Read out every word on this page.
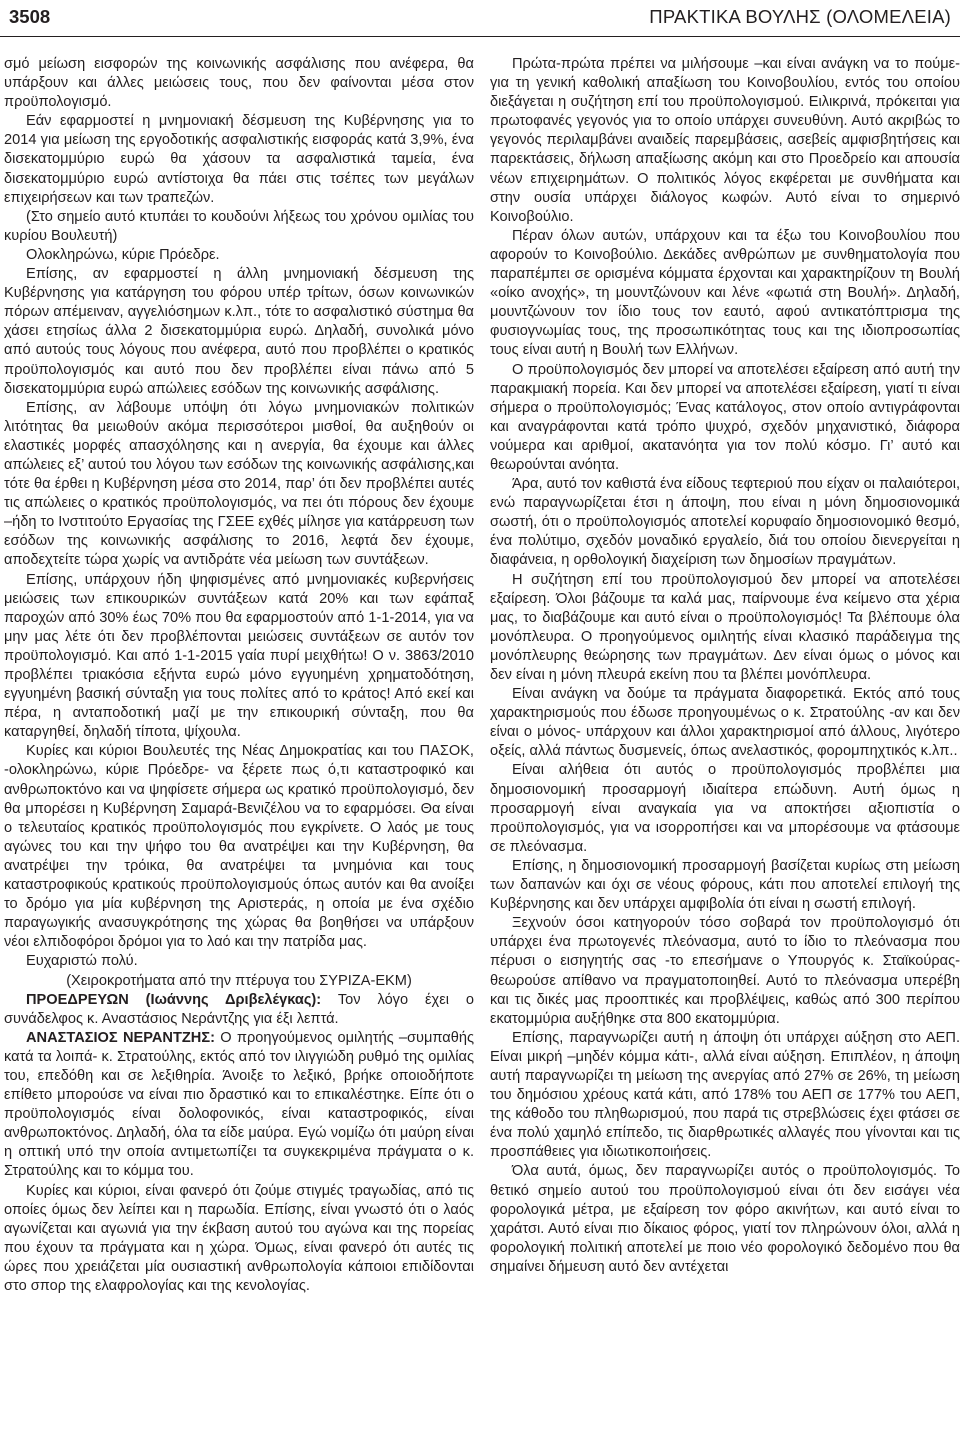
3508	ΠΡΑΚΤΙΚΑ ΒΟΥΛΗΣ (ΟΛΟΜΕΛΕΙΑ)

σμό μείωση εισφορών της κοινωνικής ασφάλισης που ανέφερα, θα υπάρξουν και άλλες μειώσεις τους, που δεν φαίνονται μέσα στον προϋπολογισμό.

Εάν εφαρμοστεί η μνημονιακή δέσμευση της Κυβέρνησης για το 2014 για μείωση της εργοδοτικής ασφαλιστικής εισφοράς κατά 3,9%, ένα δισεκατομμύριο ευρώ θα χάσουν τα ασφαλιστικά ταμεία, ένα δισεκατομμύριο ευρώ αντίστοιχα θα πάει στις τσέπες των μεγάλων επιχειρήσεων και των τραπεζών.

(Στο σημείο αυτό κτυπάει το κουδούνι λήξεως του χρόνου ομιλίας του κυρίου Βουλευτή)

Ολοκληρώνω, κύριε Πρόεδρε.

Επίσης, αν εφαρμοστεί η άλλη μνημονιακή δέσμευση της Κυβέρνησης για κατάργηση του φόρου υπέρ τρίτων, όσων κοινωνικών πόρων απέμειναν, αγγελιόσημων κ.λπ., τότε το ασφαλιστικό σύστημα θα χάσει ετησίως άλλα 2 δισεκατομμύρια ευρώ. Δηλαδή, συνολικά μόνο από αυτούς τους λόγους που ανέφερα, αυτό που προβλέπει ο κρατικός προϋπολογισμός και αυτό που δεν προβλέπει είναι πάνω από 5 δισεκατομμύρια ευρώ απώλειες εσόδων της κοινωνικής ασφάλισης.

Επίσης, αν λάβουμε υπόψη ότι λόγω μνημονιακών πολιτικών λιτότητας θα μειωθούν ακόμα περισσότεροι μισθοί, θα αυξηθούν οι ελαστικές μορφές απασχόλησης και η ανεργία, θα έχουμε και άλλες απώλειες εξ’ αυτού του λόγου των εσόδων της κοινωνικής ασφάλισης,και τότε θα έρθει η Κυβέρνηση μέσα στο 2014, παρ’ ότι δεν προβλέπει αυτές τις απώλειες ο κρατικός προϋπολογισμός, να πει ότι πόρους δεν έχουμε –ήδη το Ινστιτούτο Εργασίας της ΓΣΕΕ εχθές μίλησε για κατάρρευση των εσόδων της κοινωνικής ασφάλισης το 2016, λεφτά δεν έχουμε, αποδεχτείτε τώρα χωρίς να αντιδράτε νέα μείωση των συντάξεων.

Επίσης, υπάρχουν ήδη ψηφισμένες από μνημονιακές κυβερνήσεις μειώσεις των επικουρικών συντάξεων κατά 20% και των εφάπαξ παροχών από 30% έως 70% που θα εφαρμοστούν από 1-1-2014, για να μην μας λέτε ότι δεν προβλέπονται μειώσεις συντάξεων σε αυτόν τον προϋπολογισμό. Και από 1-1-2015 γαία πυρί μειχθήτω! Ο ν. 3863/2010 προβλέπει τριακόσια εξήντα ευρώ μόνο εγγυημένη χρηματοδότηση, εγγυημένη βασική σύνταξη για τους πολίτες από το κράτος! Από εκεί και πέρα, η ανταποδοτική μαζί με την επικουρική σύνταξη, που θα καταργηθεί, δηλαδή τίποτα, ψίχουλα.

Κυρίες και κύριοι Βουλευτές της Νέας Δημοκρατίας και του ΠΑΣΟΚ, -ολοκληρώνω, κύριε Πρόεδρε- να ξέρετε πως ό,τι καταστροφικό και ανθρωποκτόνο και να ψηφίσετε σήμερα ως κρατικό προϋπολογισμό, δεν θα μπορέσει η Κυβέρνηση Σαμαρά-Βενιζέλου να το εφαρμόσει. Θα είναι ο τελευταίος κρατικός προϋπολογισμός που εγκρίνετε. Ο λαός με τους αγώνες του και την ψήφο του θα ανατρέψει και την Κυβέρνηση, θα ανατρέψει την τρόικα, θα ανατρέψει τα μνημόνια και τους καταστροφικούς κρατικούς προϋπολογισμούς όπως αυτόν και θα ανοίξει το δρόμο για μία κυβέρνηση της Αριστεράς, η οποία με ένα σχέδιο παραγωγικής ανασυγκρότησης της χώρας θα βοηθήσει να υπάρξουν νέοι ελπιδοφόροι δρόμοι για το λαό και την πατρίδα μας.

Ευχαριστώ πολύ.

(Χειροκροτήματα από την πτέρυγα του ΣΥΡΙΖΑ-ΕΚΜ)

ΠΡΟΕΔΡΕΥΩΝ (Ιωάννης Δριβελέγκας): Τον λόγο έχει ο συνάδελφος κ. Αναστάσιος Νεράντζης για έξι λεπτά.

ΑΝΑΣΤΑΣΙΟΣ ΝΕΡΑΝΤΖΗΣ: Ο προηγούμενος ομιλητής –συμπαθής κατά τα λοιπά- κ. Στρατούλης, εκτός από τον ιλιγγιώδη ρυθμό της ομιλίας του, επεδόθη και σε λεξιθηρία. Άνοιξε το λεξικό, βρήκε οποιοδήποτε επίθετο μπορούσε να είναι πιο δραστικό και το επικαλέστηκε. Είπε ότι ο προϋπολογισμός είναι δολοφονικός, είναι καταστροφικός, είναι ανθρωποκτόνος. Δηλαδή, όλα τα είδε μαύρα. Εγώ νομίζω ότι μαύρη είναι η οπτική υπό την οποία αντιμετωπίζει τα συγκεκριμένα πράγματα ο κ. Στρατούλης και το κόμμα του.

Κυρίες και κύριοι, είναι φανερό ότι ζούμε στιγμές τραγωδίας, από τις οποίες όμως δεν λείπει και η παρωδία. Επίσης, είναι γνωστό ότι ο λαός αγωνίζεται και αγωνιά για την έκβαση αυτού του αγώνα και της πορείας που έχουν τα πράγματα και η χώρα. Όμως, είναι φανερό ότι αυτές τις ώρες που χρειάζεται μία ουσιαστική ανθρωπολογία κάποιοι επιδίδονται στο σπορ της ελαφρολογίας και της κενολογίας.

Πρώτα-πρώτα πρέπει να μιλήσουμε –και είναι ανάγκη να το πούμε- για τη γενική καθολική απαξίωση του Κοινοβουλίου, εντός του οποίου διεξάγεται η συζήτηση επί του προϋπολογισμού. Ειλικρινά, πρόκειται για πρωτοφανές γεγονός για το οποίο υπάρχει συνευθύνη. Αυτό ακριβώς το γεγονός περιλαμβάνει αναιδείς παρεμβάσεις, ασεβείς αμφισβητήσεις και παρεκτάσεις, δήλωση απαξίωσης ακόμη και στο Προεδρείο και απουσία νέων επιχειρημάτων. Ο πολιτικός λόγος εκφέρεται με συνθήματα και στην ουσία υπάρχει διάλογος κωφών. Αυτό είναι το σημερινό Κοινοβούλιο.

Πέραν όλων αυτών, υπάρχουν και τα έξω του Κοινοβουλίου που αφορούν το Κοινοβούλιο. Δεκάδες ανθρώπων με συνθηματολογία που παραπέμπει σε ορισμένα κόμματα έρχονται και χαρακτηρίζουν τη Βουλή «οίκο ανοχής», τη μουντζώνουν και λένε «φωτιά στη Βουλή». Δηλαδή, μουντζώνουν τον ίδιο τους τον εαυτό, αφού αντικατόπτρισμα της φυσιογνωμίας τους, της προσωπικότητας τους και της ιδιοπροσωπίας τους είναι αυτή η Βουλή των Ελλήνων.

Ο προϋπολογισμός δεν μπορεί να αποτελέσει εξαίρεση από αυτή την παρακμιακή πορεία. Και δεν μπορεί να αποτελέσει εξαίρεση, γιατί τι είναι σήμερα ο προϋπολογισμός; Ένας κατάλογος, στον οποίο αντιγράφονται και αναγράφονται κατά τρόπο ψυχρό, σχεδόν μηχανιστικό, διάφορα νούμερα και αριθμοί, ακατανόητα για τον πολύ κόσμο. Γι’ αυτό και θεωρούνται ανόητα.

Άρα, αυτό τον καθιστά ένα είδους τεφτεριού που είχαν οι παλαιότεροι, ενώ παραγνωρίζεται έτσι η άποψη, που είναι η μόνη δημοσιονομικά σωστή, ότι ο προϋπολογισμός αποτελεί κορυφαίο δημοσιονομικό θεσμό, ένα πολύτιμο, σχεδόν μοναδικό εργαλείο, διά του οποίου διενεργείται η διαφάνεια, η ορθολογική διαχείριση των δημοσίων πραγμάτων.

Η συζήτηση επί του προϋπολογισμού δεν μπορεί να αποτελέσει εξαίρεση. Όλοι βάζουμε τα καλά μας, παίρνουμε ένα κείμενο στα χέρια μας, το διαβάζουμε και αυτό είναι ο προϋπολογισμός! Τα βλέπουμε όλα μονόπλευρα. Ο προηγούμενος ομιλητής είναι κλασικό παράδειγμα της μονόπλευρης θεώρησης των πραγμάτων. Δεν είναι όμως ο μόνος και δεν είναι η μόνη πλευρά εκείνη που τα βλέπει μονόπλευρα.

Είναι ανάγκη να δούμε τα πράγματα διαφορετικά. Εκτός από τους χαρακτηρισμούς που έδωσε προηγουμένως ο κ. Στρατούλης -αν και δεν είναι ο μόνος- υπάρχουν και άλλοι χαρακτηρισμοί από άλλους, λιγότερο οξείς, αλλά πάντως δυσμενείς, όπως ανελαστικός, φορομπηχτικός κ.λπ..

Είναι αλήθεια ότι αυτός ο προϋπολογισμός προβλέπει μια δημοσιονομική προσαρμογή ιδιαίτερα επώδυνη. Αυτή όμως η προσαρμογή είναι αναγκαία για να αποκτήσει αξιοπιστία ο προϋπολογισμός, για να ισορροπήσει και να μπορέσουμε να φτάσουμε σε πλεόνασμα.

Επίσης, η δημοσιονομική προσαρμογή βασίζεται κυρίως στη μείωση των δαπανών και όχι σε νέους φόρους, κάτι που αποτελεί επιλογή της Κυβέρνησης και δεν υπάρχει αμφιβολία ότι είναι η σωστή επιλογή.

Ξεχνούν όσοι κατηγορούν τόσο σοβαρά τον προϋπολογισμό ότι υπάρχει ένα πρωτογενές πλεόνασμα, αυτό το ίδιο το πλεόνασμα που πέρυσι ο εισηγητής σας -το επεσήμανε ο Υπουργός κ. Σταϊκούρας- θεωρούσε απίθανο να πραγματοποιηθεί. Αυτό το πλεόνασμα υπερέβη και τις δικές μας προοπτικές και προβλέψεις, καθώς από 300 περίπου εκατομμύρια αυξήθηκε στα 800 εκατομμύρια.

Επίσης, παραγνωρίζει αυτή η άποψη ότι υπάρχει αύξηση στο ΑΕΠ. Είναι μικρή –μηδέν κόμμα κάτι-, αλλά είναι αύξηση. Επιπλέον, η άποψη αυτή παραγνωρίζει τη μείωση της ανεργίας από 27% σε 26%, τη μείωση του δημόσιου χρέους κατά κάτι, από 178% του ΑΕΠ σε 177% του ΑΕΠ, της κάθοδο του πληθωρισμού, που παρά τις στρεβλώσεις έχει φτάσει σε ένα πολύ χαμηλό επίπεδο, τις διαρθρωτικές αλλαγές που γίνονται και τις προσπάθειες για ιδιωτικοποιήσεις.

Όλα αυτά, όμως, δεν παραγνωρίζει αυτός ο προϋπολογισμός. Το θετικό σημείο αυτού του προϋπολογισμού είναι ότι δεν εισάγει νέα φορολογικά μέτρα, με εξαίρεση τον φόρο ακινήτων, και αυτό είναι το χαράτσι. Αυτό είναι πιο δίκαιος φόρος, γιατί τον πληρώνουν όλοι, αλλά η φορολογική πολιτική αποτελεί με ποιο νέο φορολογικό δεδομένο που θα σημαίνει δήμευση αυτό δεν αντέχεται
